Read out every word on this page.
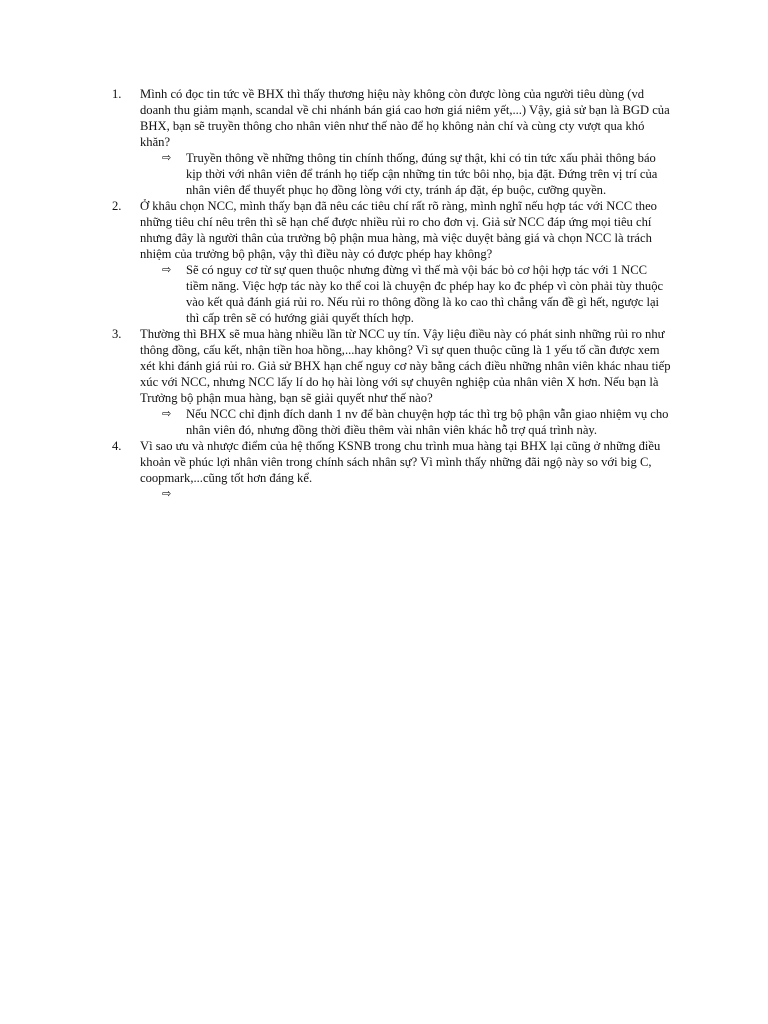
1.	Mình có đọc tin tức về BHX thì thấy thương hiệu này không còn được lòng của người tiêu dùng (vd doanh thu giảm mạnh, scandal về chi nhánh bán giá cao hơn giá niêm yết,...) Vậy, giả sử bạn là BGD của BHX, bạn sẽ truyền thông cho nhân viên như thế nào để họ không nản chí và cùng cty vượt qua khó khăn?
⇨	Truyền thông về những thông tin chính thống, đúng sự thật, khi có tin tức xấu phải thông báo kịp thời với nhân viên để tránh họ tiếp cận những tin tức bôi nhọ, bịa đặt. Đứng trên vị trí của nhân viên để thuyết phục họ đồng lòng với cty, tránh áp đặt, ép buộc, cưỡng quyền.
2.	Ở khâu chọn NCC, mình thấy bạn đã nêu các tiêu chí rất rõ ràng, mình nghĩ nếu hợp tác với NCC theo những tiêu chí nêu trên thì sẽ hạn chế được nhiều rủi ro cho đơn vị. Giả sử NCC đáp ứng mọi tiêu chí nhưng đây là người thân của trưởng bộ phận mua hàng, mà việc duyệt bảng giá và chọn NCC là trách nhiệm của trưởng bộ phận, vậy thì điều này có được phép hay không?
⇨	Sẽ có nguy cơ từ sự quen thuộc nhưng đừng vì thế mà vội bác bỏ cơ hội hợp tác với 1 NCC tiềm năng. Việc hợp tác này ko thể coi là chuyện đc phép hay ko đc phép vì còn phải tùy thuộc vào kết quả đánh giá rủi ro. Nếu rủi ro thông đồng là ko cao thì chẳng vấn đề gì hết, ngược lại thì cấp trên sẽ có hướng giải quyết thích hợp.
3.	Thường thì BHX sẽ mua hàng nhiều lần từ NCC uy tín. Vậy liệu điều này có phát sinh những rủi ro như thông đồng, cấu kết, nhận tiền hoa hồng,...hay không? Vì sự quen thuộc cũng là 1 yếu tố cần được xem xét khi đánh giá rủi ro. Giả sử BHX hạn chế nguy cơ này bằng cách điều những nhân viên khác nhau tiếp xúc với NCC, nhưng NCC lấy lí do họ hài lòng với sự chuyên nghiệp của nhân viên X hơn. Nếu bạn là Trưởng bộ phận mua hàng, bạn sẽ giải quyết như thế nào?
⇨	Nếu NCC chỉ định đích danh 1 nv để bàn chuyện hợp tác thì trg bộ phận vẫn giao nhiệm vụ cho nhân viên đó, nhưng đồng thời điều thêm vài nhân viên khác hỗ trợ quá trình này.
4.	Vì sao ưu và nhược điểm của hệ thống KSNB trong chu trình mua hàng tại BHX lại cũng ở những điều khoản về phúc lợi nhân viên trong chính sách nhân sự? Vì mình thấy những đãi ngộ này so với big C, coopmark,...cũng tốt hơn đáng kể.
⇨
